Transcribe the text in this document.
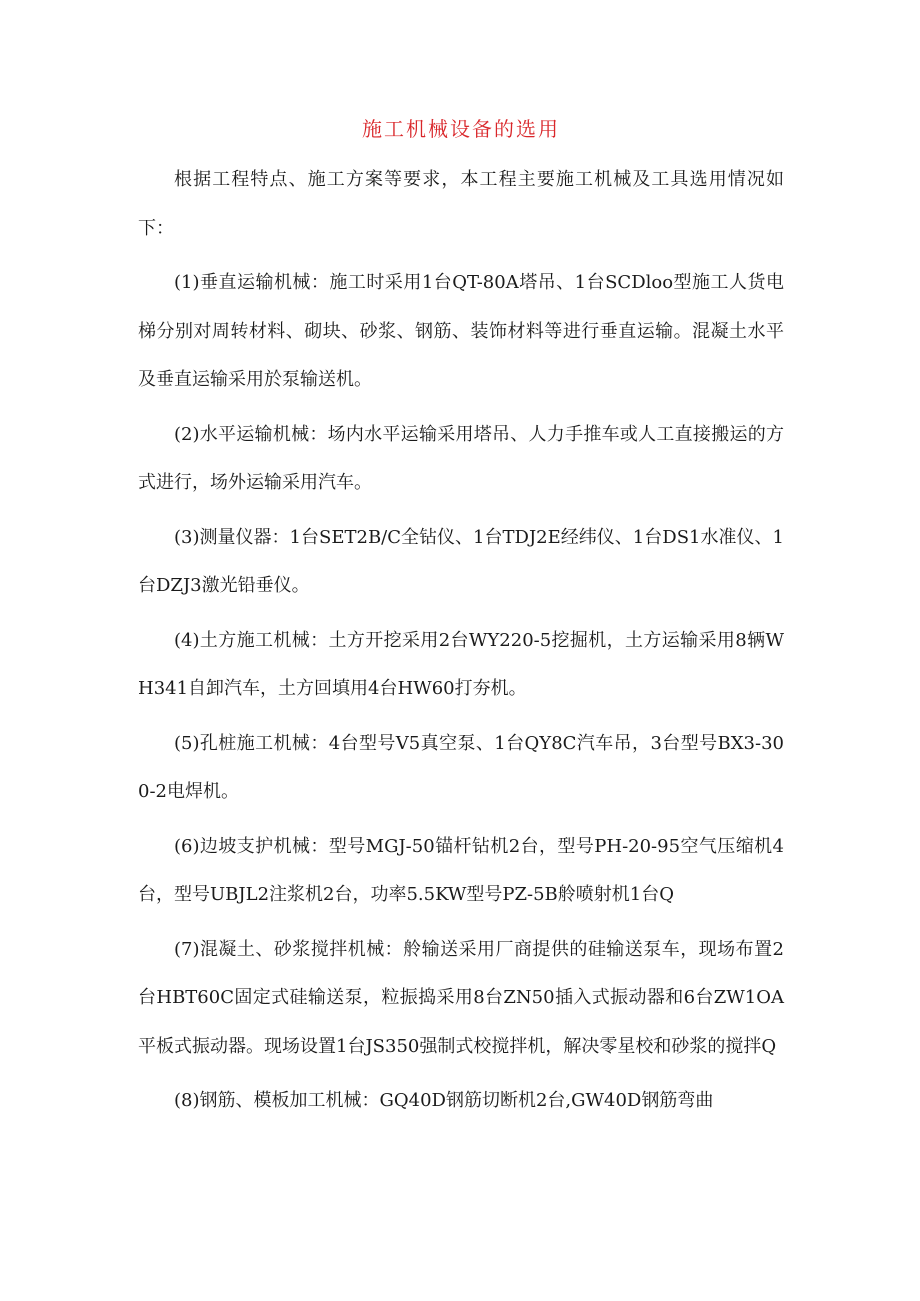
施工机械设备的选用

根据工程特点、施工方案等要求，本工程主要施工机械及工具选用情况如下：

(1)垂直运输机械：施工时采用1台QT-80A塔吊、1台SCDloo型施工人货电梯分别对周转材料、砌块、砂浆、钢筋、装饰材料等进行垂直运输。混凝土水平及垂直运输采用於泵输送机。

(2)水平运输机械：场内水平运输采用塔吊、人力手推车或人工直接搬运的方式进行，场外运输采用汽车。

(3)测量仪器：1台SET2B/C全钻仪、1台TDJ2E经纬仪、1台DS1水准仪、1台DZJ3激光铅垂仪。

(4)土方施工机械：土方开挖采用2台WY220-5挖掘机，土方运输采用8辆WH341自卸汽车，土方回填用4台HW60打夯机。

(5)孔桩施工机械：4台型号V5真空泵、1台QY8C汽车吊，3台型号BX3-300-2电焊机。

(6)边坡支护机械：型号MGJ-50锚杆钻机2台，型号PH-20-95空气压缩机4台，型号UBJL2注浆机2台，功率5.5KW型号PZ-5B舲喷射机1台Q

(7)混凝土、砂浆搅拌机械：舲输送采用厂商提供的硅输送泵车，现场布置2台HBT60C固定式硅输送泵，粒振捣采用8台ZN50插入式振动器和6台ZW1OA平板式振动器。现场设置1台JS350强制式校搅拌机，解决零星校和砂浆的搅拌Q

(8)钢筋、模板加工机械：GQ40D钢筋切断机2台,GW40D钢筋弯曲
